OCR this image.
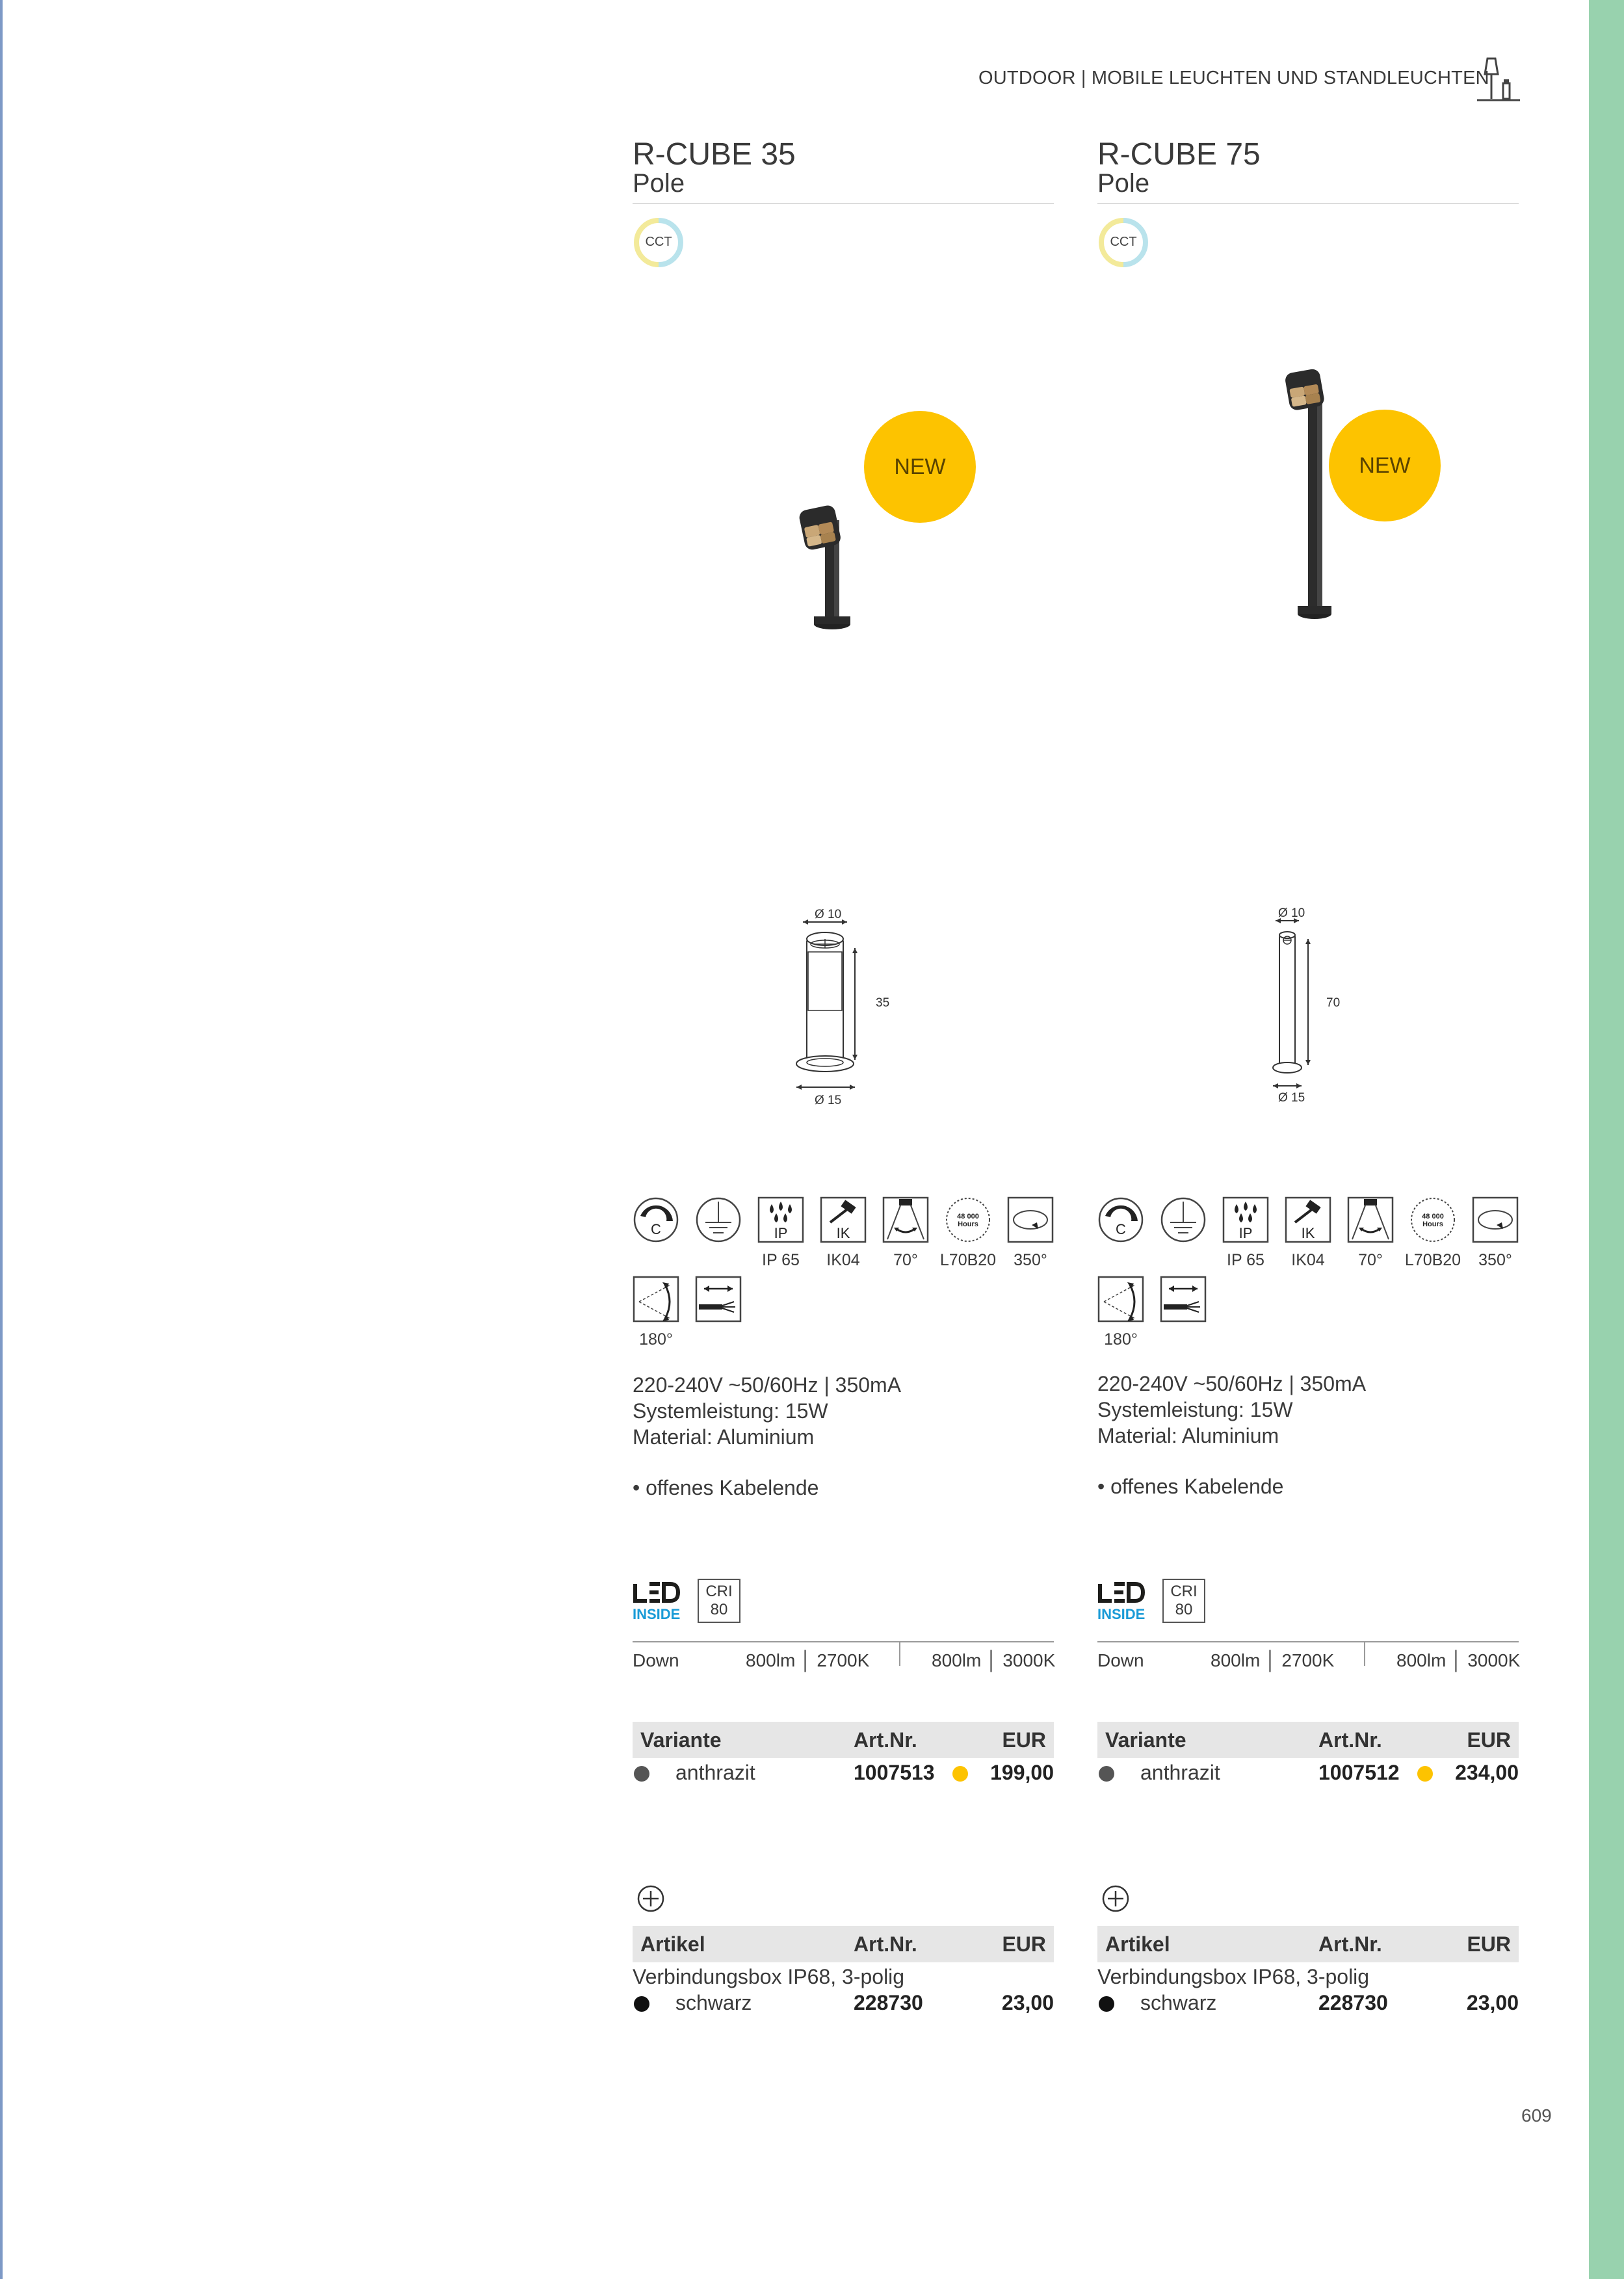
OUTDOOR | MOBILE LEUCHTEN UND STANDLEUCHTEN
R-CUBE 35
Pole
CCT
NEW
Ø 10
35
Ø 15
C	IP
IP 65
IK
IK04	70°
48 000
Hours
L70B20	350°
180°
220-240V ~50/60Hz | 350mA
Systemleistung: 15W
Material: Aluminium
• offenes Kabelende
INSIDE
CRI
80
Down	800lm │ 2700K	800lm │ 3000K
Variante	Art.Nr.	EUR
anthrazit	1007513	199,00
Artikel	Art.Nr.	EUR
Verbindungsbox IP68, 3-polig
schwarz	228730	23,00
R-CUBE 75
Pole
CCT
NEW
Ø 10
70
Ø 15
C	IP
IP 65
IK
IK04	70°
48 000
Hours
L70B20	350°
180°
220-240V ~50/60Hz | 350mA
Systemleistung: 15W
Material: Aluminium
• offenes Kabelende
INSIDE
CRI
80
Down	800lm │ 2700K	800lm │ 3000K
Variante	Art.Nr.	EUR
anthrazit	1007512	234,00
Artikel	Art.Nr.	EUR
Verbindungsbox IP68, 3-polig
schwarz	228730	23,00
609
